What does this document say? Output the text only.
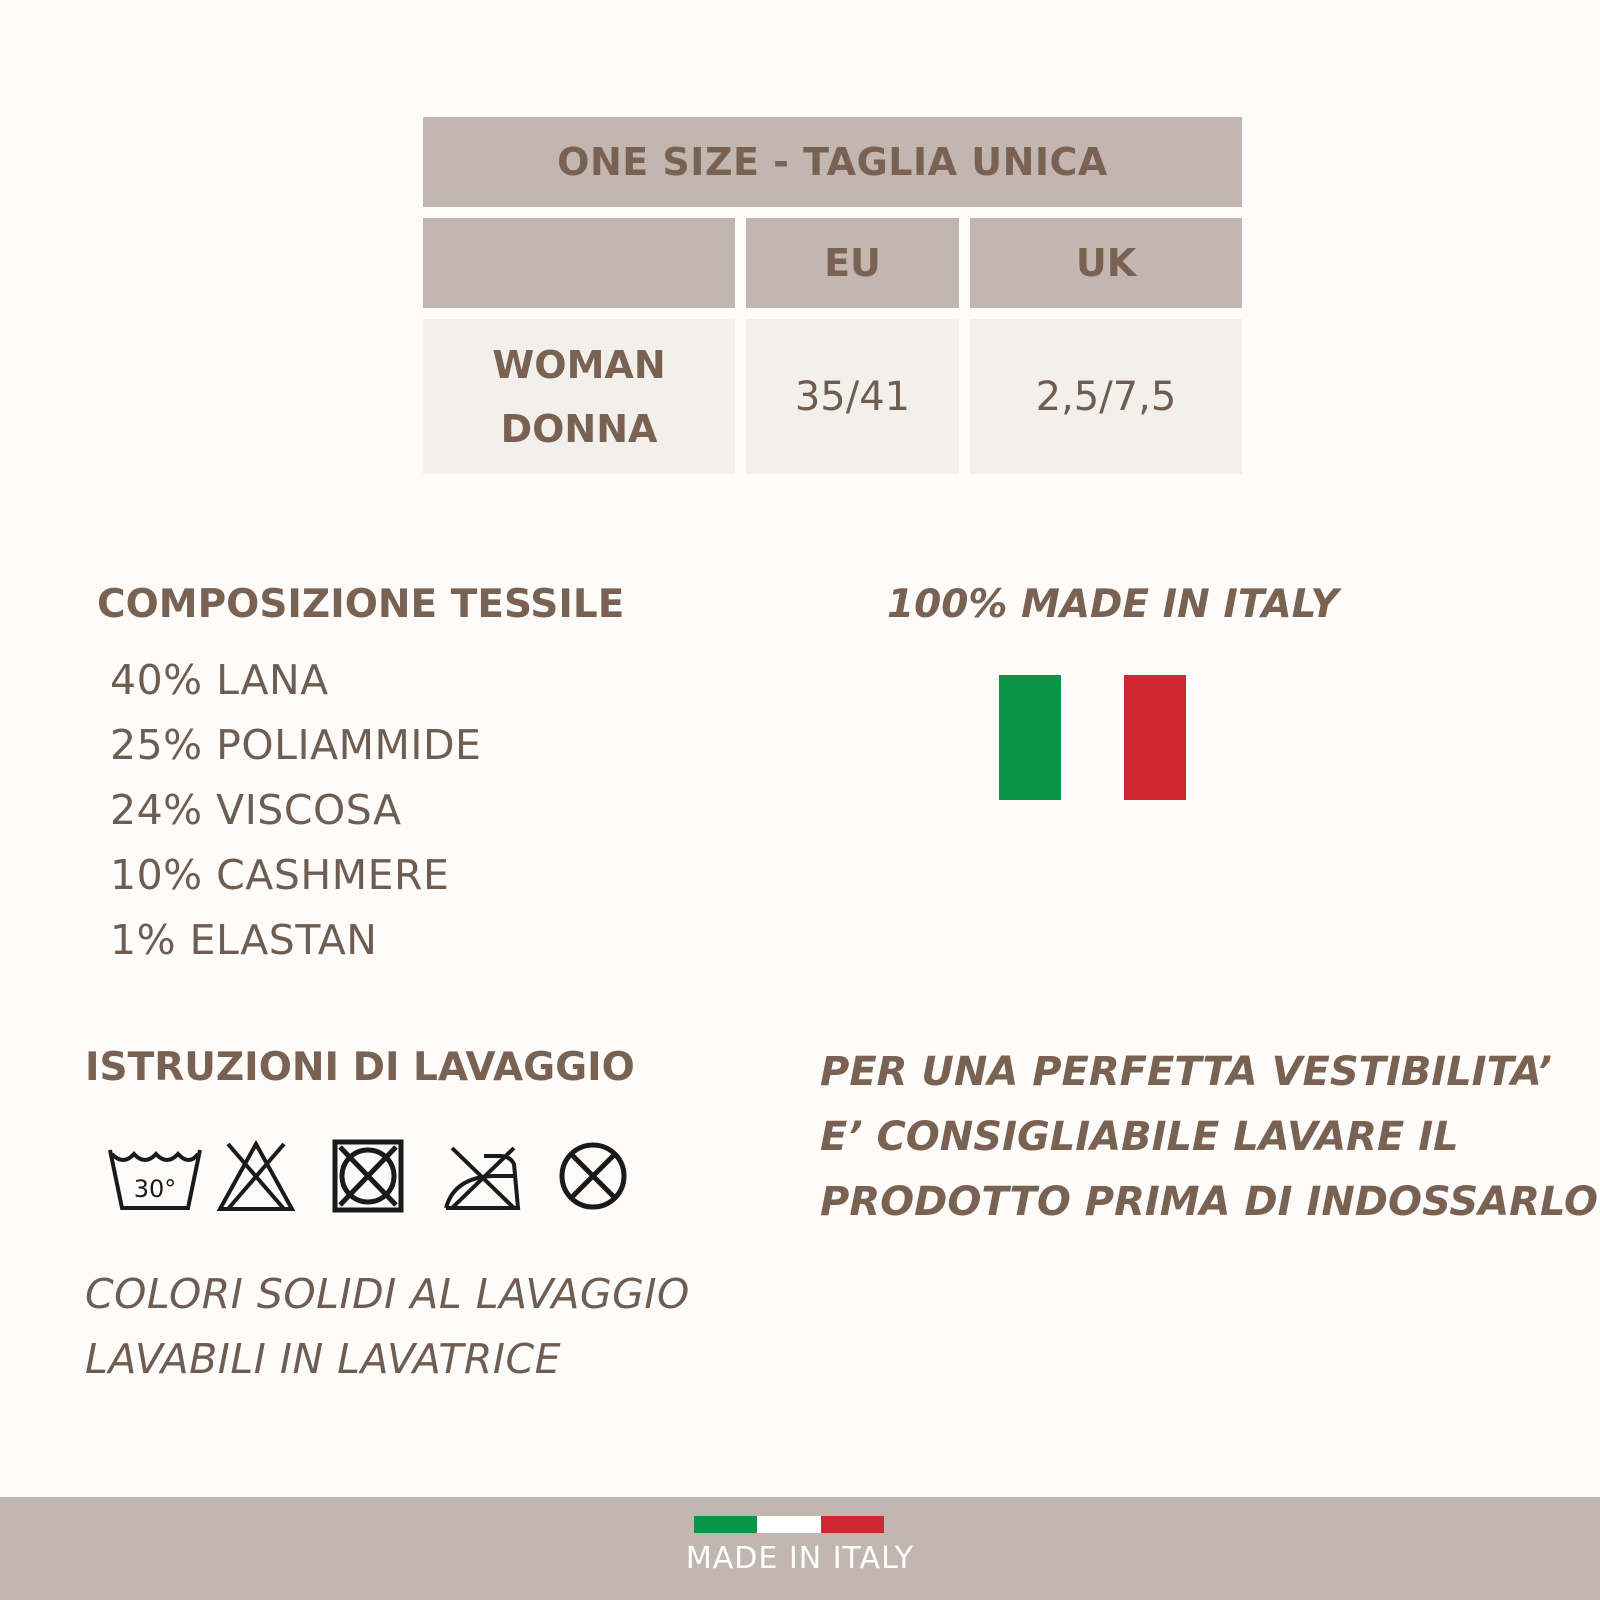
ONE SIZE - TAGLIA UNICA
EU	UK
WOMAN
DONNA
35/41	2,5/7,5
COMPOSIZIONE TESSILE
40% LANA
25% POLIAMMIDE
24% VISCOSA
10% CASHMERE
1% ELASTAN
100% MADE IN ITALY
ISTRUZIONI DI LAVAGGIO
30°
COLORI SOLIDI AL LAVAGGIO
LAVABILI IN LAVATRICE
PER UNA PERFETTA VESTIBILITA’
E’ CONSIGLIABILE LAVARE IL
PRODOTTO PRIMA DI INDOSSARLO
MADE IN ITALY
